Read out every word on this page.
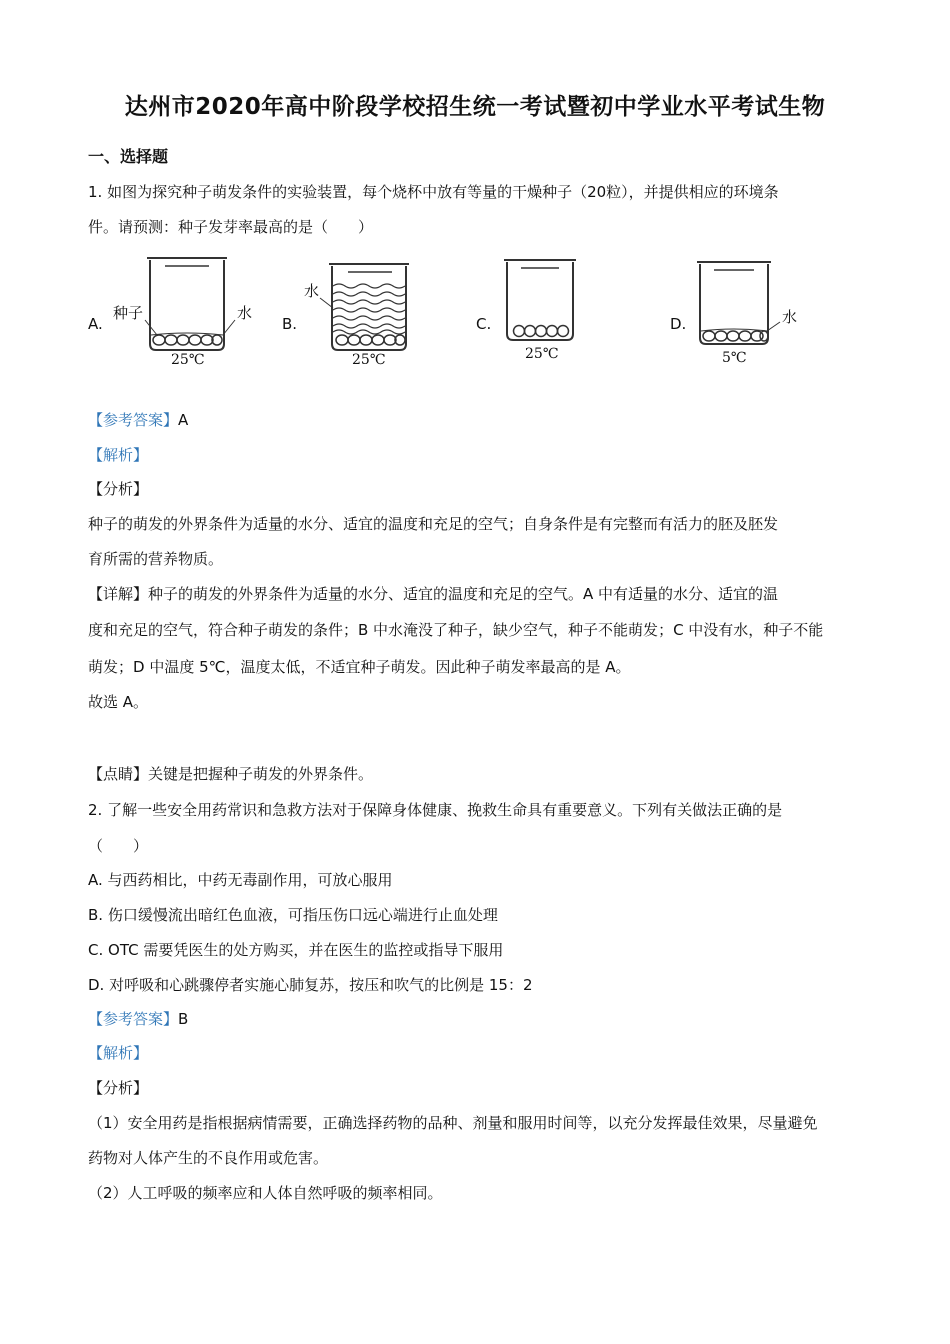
达州市2020年高中阶段学校招生统一考试暨初中学业水平考试生物
一、选择题
1. 如图为探究种子萌发条件的实验装置，每个烧杯中放有等量的干燥种子（20粒），并提供相应的环境条
件。请预测：种子发芽率最高的是（　　）
A.	B.	C.	D.
种子	水
25℃
水
25℃	25℃
水
5℃
【参考答案】A
【解析】
【分析】
种子的萌发的外界条件为适量的水分、适宜的温度和充足的空气；自身条件是有完整而有活力的胚及胚发
育所需的营养物质。
【详解】种子的萌发的外界条件为适量的水分、适宜的温度和充足的空气。A 中有适量的水分、适宜的温
度和充足的空气，符合种子萌发的条件；B 中水淹没了种子，缺少空气，种子不能萌发；C 中没有水，种子不能
萌发；D 中温度 5℃，温度太低，不适宜种子萌发。因此种子萌发率最高的是 A。
故选 A。
【点睛】关键是把握种子萌发的外界条件。
2. 了解一些安全用药常识和急救方法对于保障身体健康、挽救生命具有重要意义。下列有关做法正确的是
（　　）
A. 与西药相比，中药无毒副作用，可放心服用
B. 伤口缓慢流出暗红色血液，可指压伤口远心端进行止血处理
C. OTC 需要凭医生的处方购买，并在医生的监控或指导下服用
D. 对呼吸和心跳骤停者实施心肺复苏，按压和吹气的比例是 15：2
【参考答案】B
【解析】
【分析】
（1）安全用药是指根据病情需要，正确选择药物的品种、剂量和服用时间等，以充分发挥最佳效果，尽量避免
药物对人体产生的不良作用或危害。
（2）人工呼吸的频率应和人体自然呼吸的频率相同。
